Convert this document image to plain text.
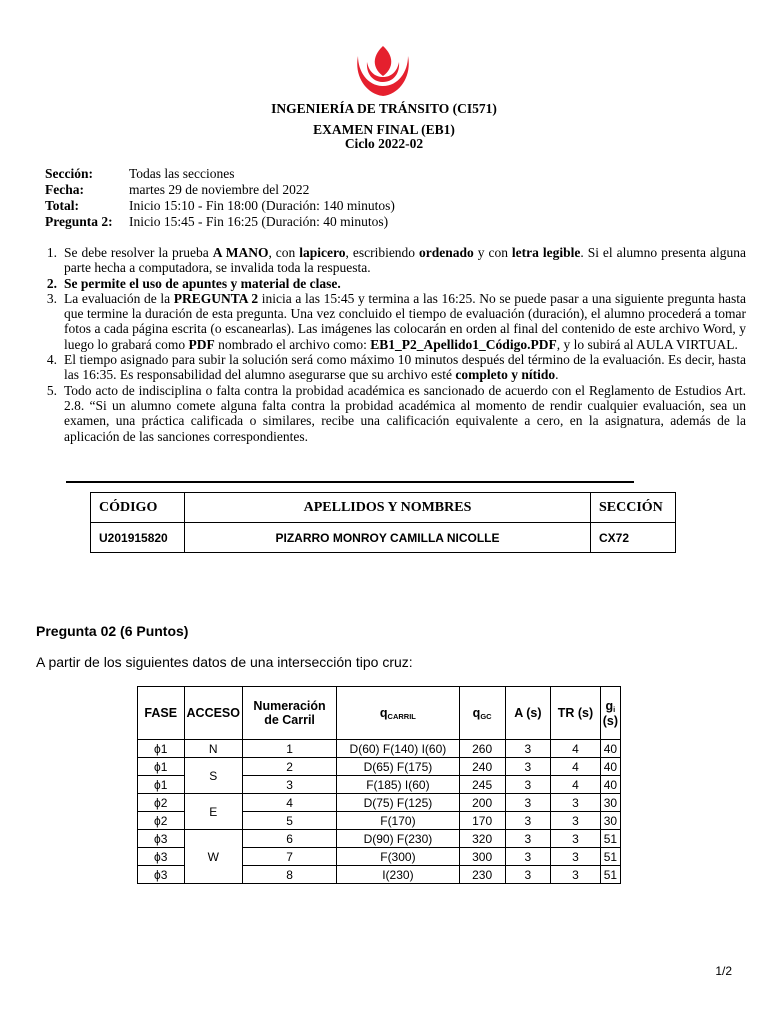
INGENIERÍA DE TRÁNSITO (CI571)
EXAMEN FINAL (EB1)
Ciclo 2022-02
Sección:	Todas las secciones
Fecha:	martes 29 de noviembre del 2022
Total:	Inicio 15:10 - Fin 18:00 (Duración: 140 minutos)
Pregunta 2:	Inicio 15:45 - Fin 16:25 (Duración: 40 minutos)
1. Se debe resolver la prueba A MANO, con lapicero, escribiendo ordenado y con letra legible. Si el alumno presenta alguna parte hecha a computadora, se invalida toda la respuesta.
2. Se permite el uso de apuntes y material de clase.
3. La evaluación de la PREGUNTA 2 inicia a las 15:45 y termina a las 16:25. No se puede pasar a una siguiente pregunta hasta que termine la duración de esta pregunta. Una vez concluido el tiempo de evaluación (duración), el alumno procederá a tomar fotos a cada página escrita (o escanearlas). Las imágenes las colocarán en orden al final del contenido de este archivo Word, y luego lo grabará como PDF nombrado el archivo como: EB1_P2_Apellido1_Código.PDF, y lo subirá al AULA VIRTUAL.
4. El tiempo asignado para subir la solución será como máximo 10 minutos después del término de la evaluación. Es decir, hasta las 16:35. Es responsabilidad del alumno asegurarse que su archivo esté completo y nítido.
5. Todo acto de indisciplina o falta contra la probidad académica es sancionado de acuerdo con el Reglamento de Estudios Art. 2.8. “Si un alumno comete alguna falta contra la probidad académica al momento de rendir cualquier evaluación, sea un examen, una práctica calificada o similares, recibe una calificación equivalente a cero, en la asignatura, además de la aplicación de las sanciones correspondientes.
CÓDIGO	APELLIDOS Y NOMBRES	SECCIÓN
U201915820	PIZARRO MONROY CAMILLA NICOLLE	CX72
Pregunta 02 (6 Puntos)
A partir de los siguientes datos de una intersección tipo cruz:
FASE	ACCESO	Numeración de Carril	$q_{CARRIL}$	$q_{GC}$	A (s)	TR (s)	$g_i$ (s)
ϕ1	N	1	D(60) F(140) I(60)	260	3	4	40
ϕ1	S	2	D(65) F(175)	240	3	4	40
ϕ1		3	F(185) I(60)	245	3	4	40
ϕ2	E	4	D(75) F(125)	200	3	3	30
ϕ2		5	F(170)	170	3	3	30
ϕ3	W	6	D(90) F(230)	320	3	3	51
ϕ3		7	F(300)	300	3	3	51
ϕ3		8	I(230)	230	3	3	51
1/2
